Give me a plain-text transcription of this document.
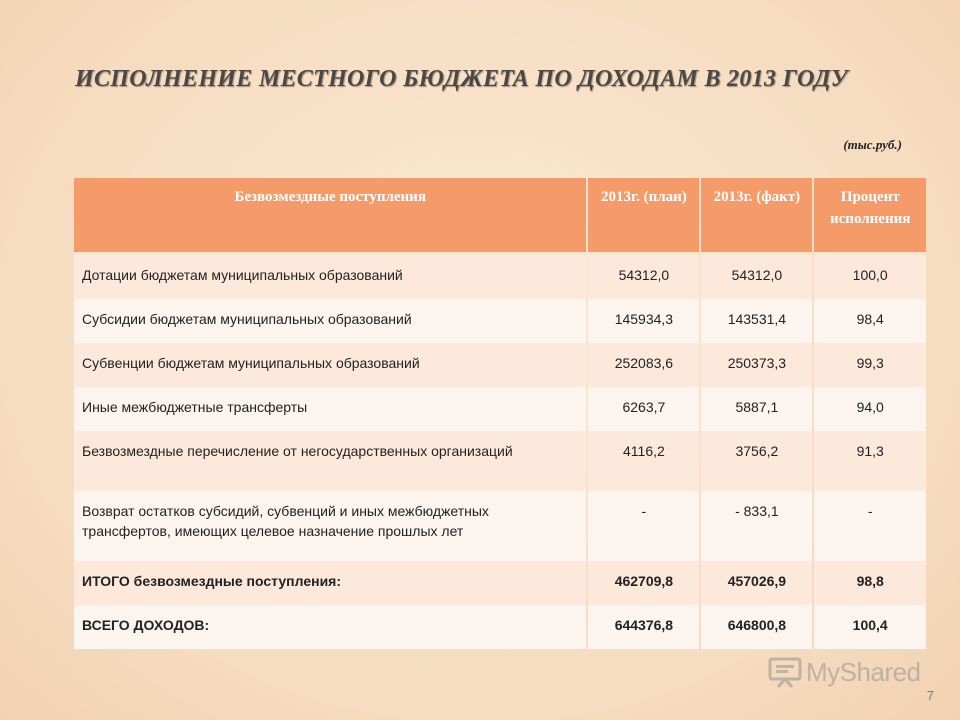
ИСПОЛНЕНИЕ МЕСТНОГО БЮДЖЕТА ПО ДОХОДАМ В 2013 ГОДУ
(тыс.руб.)
Безвозмездные поступления	2013г. (план)	2013г. (факт)	Процент исполнения
Дотации бюджетам муниципальных образований	54312,0	54312,0	100,0
Субсидии бюджетам муниципальных образований	145934,3	143531,4	98,4
Субвенции бюджетам муниципальных образований	252083,6	250373,3	99,3
Иные межбюджетные трансферты	6263,7	5887,1	94,0
Безвозмездные перечисление от негосударственных организаций	4116,2	3756,2	91,3
Возврат остатков субсидий, субвенций и иных межбюджетных трансфертов, имеющих целевое назначение прошлых лет	-	- 833,1	-
ИТОГО безвозмездные поступления:	462709,8	457026,9	98,8
ВСЕГО ДОХОДОВ:	644376,8	646800,8	100,4
MyShared
7
